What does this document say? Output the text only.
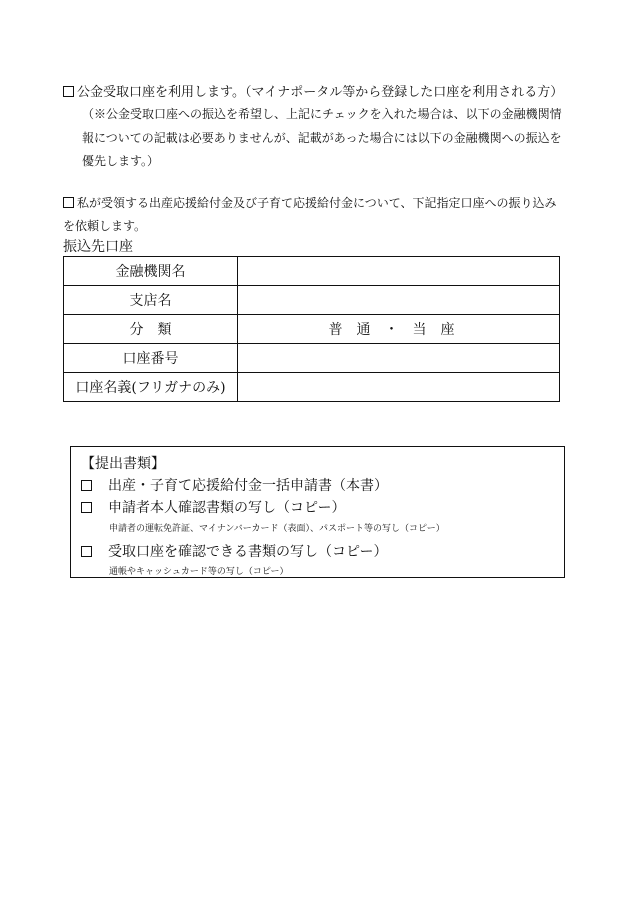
公金受取口座を利用します。（マイナポータル等から登録した口座を利用される方）
（※公金受取口座への振込を希望し、上記にチェックを入れた場合は、以下の金融機関情
報についての記載は必要ありませんが、記載があった場合には以下の金融機関への振込を
優先します。）
私が受領する出産応援給付金及び子育て応援給付金について、下記指定口座への振り込み
を依頼します。
振込先口座
金融機関名	
支店名	
分　類	普通・当座
口座番号	
口座名義(フリガナのみ)	
【提出書類】
出産・子育て応援給付金一括申請書（本書）
申請者本人確認書類の写し（コピー）
申請者の運転免許証、マイナンバーカード（表面）、パスポート等の写し（コピー）
受取口座を確認できる書類の写し（コピー）
通帳やキャッシュカード等の写し（コピー）
